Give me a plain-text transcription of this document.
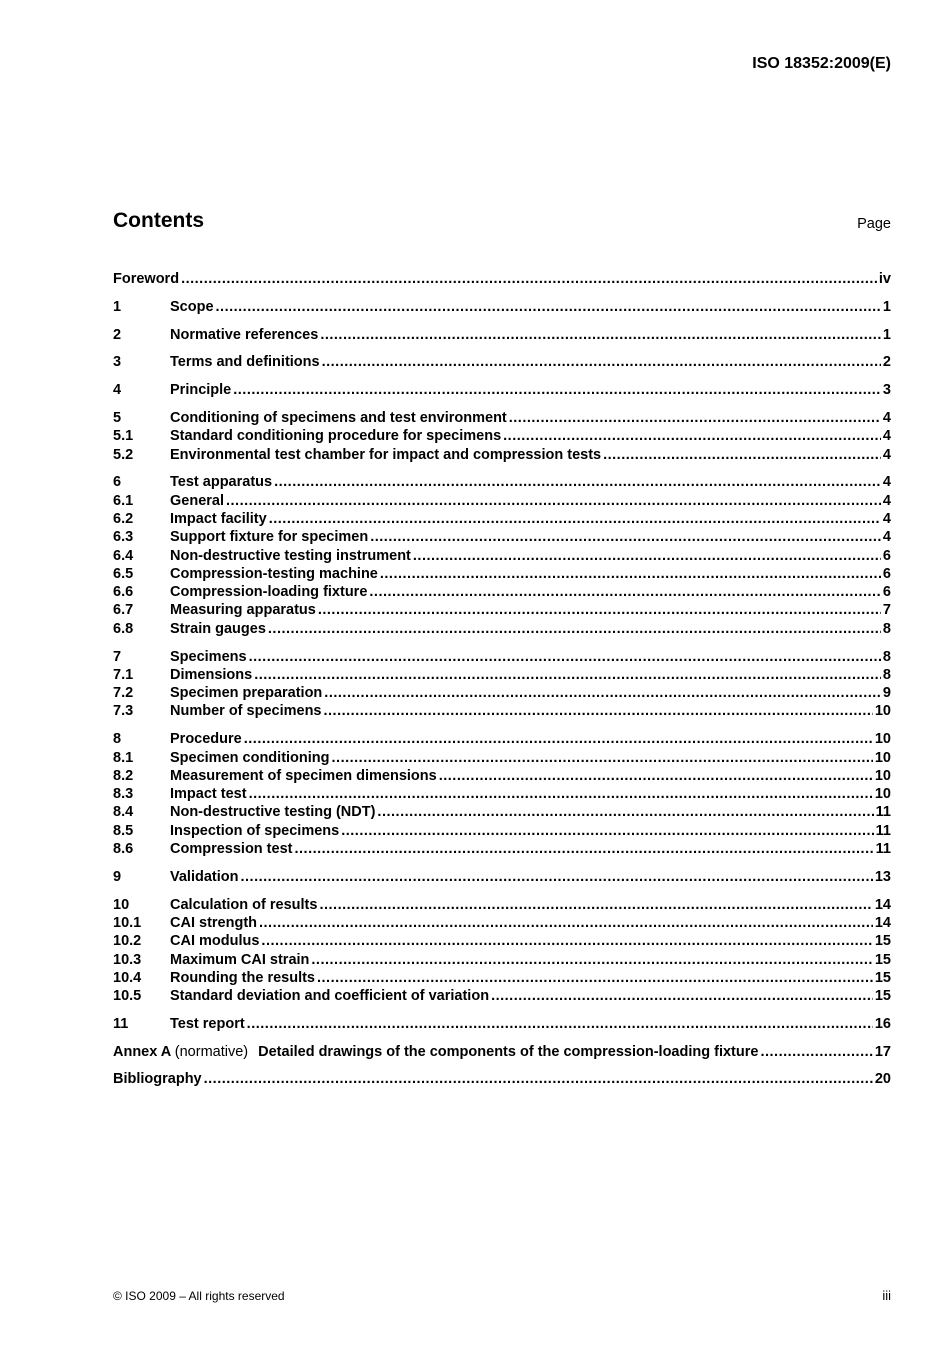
ISO 18352:2009(E)
Contents	Page
Foreword .....	iv
1	Scope .....	1
2	Normative references .....	1
3	Terms and definitions .....	2
4	Principle .....	3
5	Conditioning of specimens and test environment .....	4
5.1	Standard conditioning procedure for specimens .....	4
5.2	Environmental test chamber for impact and compression tests .....	4
6	Test apparatus .....	4
6.1	General .....	4
6.2	Impact facility .....	4
6.3	Support fixture for specimen .....	4
6.4	Non-destructive testing instrument .....	6
6.5	Compression-testing machine .....	6
6.6	Compression-loading fixture .....	6
6.7	Measuring apparatus .....	7
6.8	Strain gauges .....	8
7	Specimens .....	8
7.1	Dimensions .....	8
7.2	Specimen preparation .....	9
7.3	Number of specimens .....	10
8	Procedure .....	10
8.1	Specimen conditioning .....	10
8.2	Measurement of specimen dimensions .....	10
8.3	Impact test .....	10
8.4	Non-destructive testing (NDT) .....	11
8.5	Inspection of specimens .....	11
8.6	Compression test .....	11
9	Validation .....	13
10	Calculation of results .....	14
10.1	CAI strength .....	14
10.2	CAI modulus .....	15
10.3	Maximum CAI strain .....	15
10.4	Rounding the results .....	15
10.5	Standard deviation and coefficient of variation .....	15
11	Test report .....	16
Annex A (normative) Detailed drawings of the components of the compression-loading fixture .....	17
Bibliography .....	20
© ISO 2009 – All rights reserved	iii
